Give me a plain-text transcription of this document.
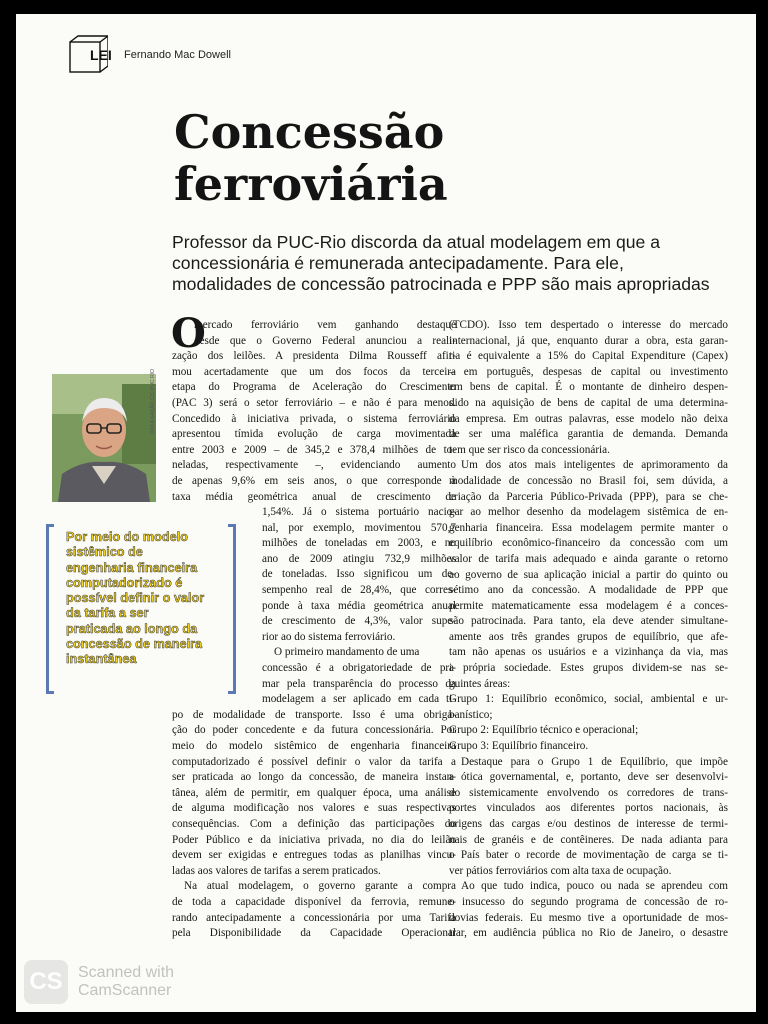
LEI Fernando Mac Dowell
Concessão
ferroviária
Professor da PUC-Rio discorda da atual modelagem em que a
concessionária é remunerada antecipadamente. Para ele,
modalidades de concessão patrocinada e PPP são mais apropriadas
DIVULGAÇÃO C/C PUC RIO
Por meio do modelo
sistêmico de
engenharia financeira
computadorizado é
possível definir o valor
da tarifa a ser
praticada ao longo da
concessão de maneira
instantânea
O
mercado ferroviário vem ganhando destaque
desde que o Governo Federal anunciou a reali-
zação dos leilões. A presidenta Dilma Rousseff afir-
mou acertadamente que um dos focos da terceira
etapa do Programa de Aceleração do Crescimento
(PAC 3) será o setor ferroviário – e não é para menos.
Concedido à iniciativa privada, o sistema ferroviário
apresentou tímida evolução de carga movimentada
entre 2003 e 2009 – de 345,2 e 378,4 milhões de to-
neladas, respectivamente –, evidenciando aumento
de apenas 9,6% em seis anos, o que corresponde à
taxa média geométrica anual de crescimento de
1,54%. Já o sistema portuário nacio-
nal, por exemplo, movimentou 570,7
milhões de toneladas em 2003, e no
ano de 2009 atingiu 732,9 milhões
de toneladas. Isso significou um de-
sempenho real de 28,4%, que corres-
ponde à taxa média geométrica anual
de crescimento de 4,3%, valor supe-
rior ao do sistema ferroviário.
O primeiro mandamento de uma
concessão é a obrigatoriedade de pri-
mar pela transparência do processo da
modelagem a ser aplicado em cada ti-
po de modalidade de transporte. Isso é uma obriga-
ção do poder concedente e da futura concessionária. Por
meio do modelo sistêmico de engenharia financeira
computadorizado é possível definir o valor da tarifa a
ser praticada ao longo da concessão, de maneira instan-
tânea, além de permitir, em qualquer época, uma análise
de alguma modificação nos valores e suas respectivas
consequências. Com a definição das participações do
Poder Público e da iniciativa privada, no dia do leilão
devem ser exigidas e entregues todas as planilhas vincu-
ladas aos valores de tarifas a serem praticados.
Na atual modelagem, o governo garante a compra
de toda a capacidade disponível da ferrovia, remune-
rando antecipadamente a concessionária por uma Tarifa
pela Disponibilidade da Capacidade Operacional
(TCDO). Isso tem despertado o interesse do mercado
internacional, já que, enquanto durar a obra, esta garan-
tia é equivalente a 15% do Capital Expenditure (Capex)
– em português, despesas de capital ou investimento
em bens de capital. É o montante de dinheiro despen-
dido na aquisição de bens de capital de uma determina-
da empresa. Em outras palavras, esse modelo não deixa
de ser uma maléfica garantia de demanda. Demanda
tem que ser risco da concessionária.
Um dos atos mais inteligentes de aprimoramento da
modalidade de concessão no Brasil foi, sem dúvida, a
criação da Parceria Público-Privada (PPP), para se che-
gar ao melhor desenho da modelagem sistêmica de en-
genharia financeira. Essa modelagem permite manter o
equilíbrio econômico-financeiro da concessão com um
valor de tarifa mais adequado e ainda garante o retorno
ao governo de sua aplicação inicial a partir do quinto ou
sétimo ano da concessão. A modalidade de PPP que
permite matematicamente essa modelagem é a conces-
são patrocinada. Para tanto, ela deve atender simultane-
amente aos três grandes grupos de equilíbrio, que afe-
tam não apenas os usuários e a vizinhança da via, mas
a própria sociedade. Estes grupos dividem-se nas se-
guintes áreas:
Grupo 1: Equilíbrio econômico, social, ambiental e ur-
banístico;
Grupo 2: Equilíbrio técnico e operacional;
Grupo 3: Equilíbrio financeiro.
Destaque para o Grupo 1 de Equilíbrio, que impõe
a ótica governamental, e, portanto, deve ser desenvolvi-
do sistemicamente envolvendo os corredores de trans-
portes vinculados aos diferentes portos nacionais, às
origens das cargas e/ou destinos de interesse de termi-
nais de granéis e de contêineres. De nada adianta para
o País bater o recorde de movimentação de carga se ti-
ver pátios ferroviários com alta taxa de ocupação.
Ao que tudo indica, pouco ou nada se aprendeu com
o insucesso do segundo programa de concessão de ro-
dovias federais. Eu mesmo tive a oportunidade de mos-
trar, em audiência pública no Rio de Janeiro, o desastre
CS Scanned with
CamScanner
